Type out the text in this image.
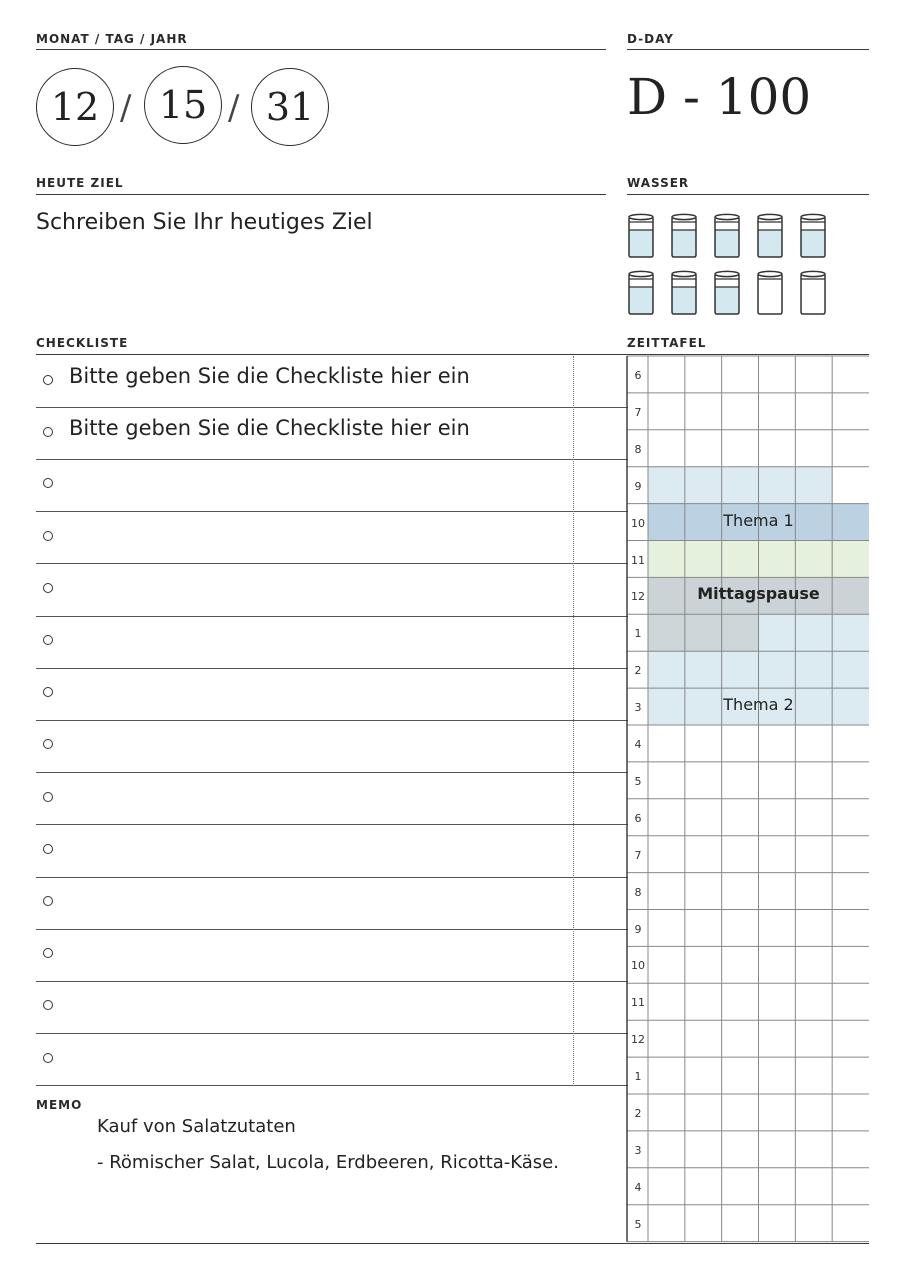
MONAT / TAG / JAHR
12 / 15 / 31
D-DAY
D - 100
HEUTE ZIEL
Schreiben Sie Ihr heutiges Ziel
WASSER
CHECKLISTE
Bitte geben Sie die Checkliste hier ein
Bitte geben Sie die Checkliste hier ein
MEMO
Kauf von Salatzutaten
- Römischer Salat, Lucola, Erdbeeren, Ricotta-Käse.
ZEITTAFEL
6
7
8
9
10
11
12
1
2
3
4
5
6
7
8
9
10
11
12
1
2
3
4
5
Thema 1
Mittagspause
Thema 2
